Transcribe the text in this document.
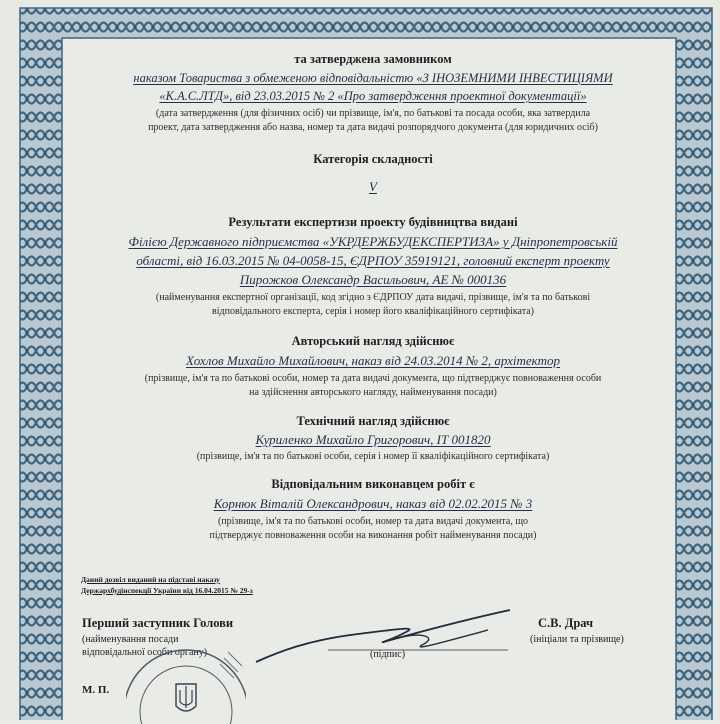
та затверджена замовником
наказом Товариства з обмеженою відповідальністю «З ІНОЗЕМНИМИ ІНВЕСТИЦІЯМИ
«К.А.С.ЛТД», від 23.03.2015 № 2 «Про затвердження проектної документації»
(дата затвердження (для фізичних осіб) чи прізвище, ім'я, по батькові та посада особи, яка затвердила
проект, дата затвердження або назва, номер та дата видачі розпорядчого документа (для юридичних осіб)
Категорія складності
V
Результати експертизи проекту будівництва видані
Філією Державного підприємства «УКРДЕРЖБУДЕКСПЕРТИЗА» у Дніпропетровській
області, від 16.03.2015 № 04-0058-15, ЄДРПОУ 35919121, головний експерт проекту
Пирожков Олександр Васильович, АЕ № 000136
(найменування експертної організації, код згідно з ЄДРПОУ дата видачі, прізвище, ім'я та по батькові
відповідального експерта, серія і номер його кваліфікаційного сертифіката)
Авторський нагляд здійснює
Хохлов Михайло Михайлович, наказ від 24.03.2014 № 2, архітектор
(прізвище, ім'я та по батькові особи, номер та дата видачі документа, що підтверджує повноваження особи
на здійснення авторського нагляду, найменування посади)
Технічний нагляд здійснює
Куриленко Михайло Григорович, ІТ 001820
(прізвище, ім'я та по батькові особи, серія і номер її кваліфікаційного сертифіката)
Відповідальним виконавцем робіт є
Корнюк Віталій Олександрович, наказ від 02.02.2015 № 3
(прізвище, ім'я та по батькові особи, номер та дата видачі документа, що
підтверджує повноваження особи на виконання робіт найменування посади)
Даний дозвіл виданий на підставі наказу
Держархбудінспекції України від 16.04.2015 № 29-з
Перший заступник Голови
(найменування посади
відповідальної особи органу)	(підпис)
С.В. Драч
(ініціали та прізвище)
М. П.
